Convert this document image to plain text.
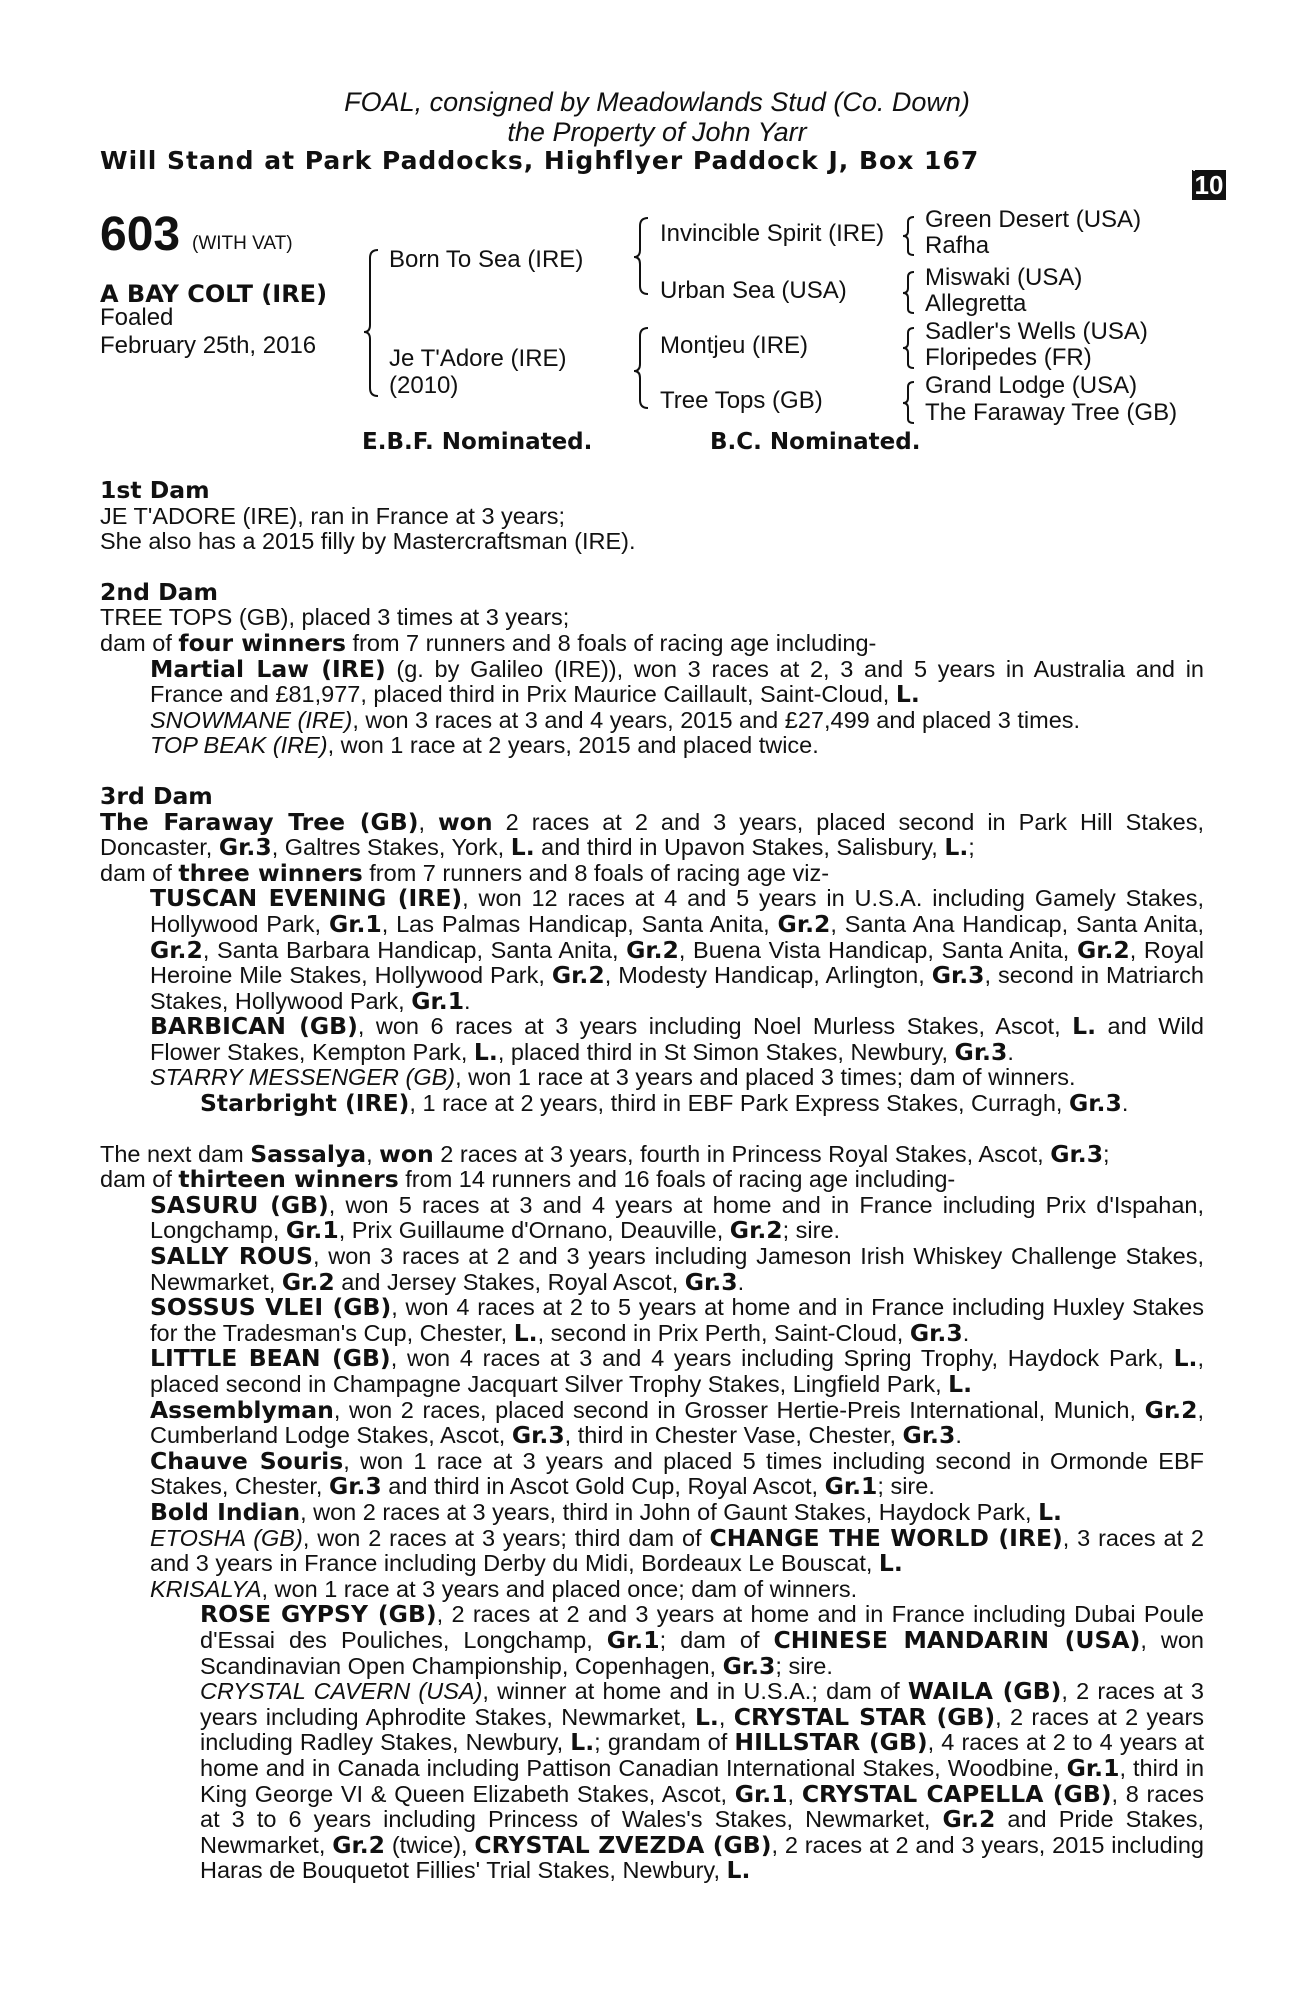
FOAL, consigned by Meadowlands Stud (Co. Down)
the Property of John Yarr
Will Stand at Park Paddocks, Highflyer Paddock J, Box 167
10
+
603 (WITH VAT)
A BAY COLT (IRE)
Foaled
February 25th, 2016
Born To Sea (IRE)
Je T'Adore (IRE)
(2010)
Invincible Spirit (IRE)
Urban Sea (USA)
Montjeu (IRE)
Tree Tops (GB)
Green Desert (USA)
Rafha
Miswaki (USA)
Allegretta
Sadler's Wells (USA)
Floripedes (FR)
Grand Lodge (USA)
The Faraway Tree (GB)
E.B.F. Nominated.	B.C. Nominated.
1st Dam
JE T'ADORE (IRE), ran in France at 3 years;
She also has a 2015 filly by Mastercraftsman (IRE).
2nd Dam
TREE TOPS (GB), placed 3 times at 3 years;
dam of four winners from 7 runners and 8 foals of racing age including-
Martial Law (IRE) (g. by Galileo (IRE)), won 3 races at 2, 3 and 5 years in Australia and in France and £81,977, placed third in Prix Maurice Caillault, Saint-Cloud, L.
SNOWMANE (IRE), won 3 races at 3 and 4 years, 2015 and £27,499 and placed 3 times.
TOP BEAK (IRE), won 1 race at 2 years, 2015 and placed twice.
3rd Dam
The Faraway Tree (GB), won 2 races at 2 and 3 years, placed second in Park Hill Stakes, Doncaster, Gr.3, Galtres Stakes, York, L. and third in Upavon Stakes, Salisbury, L.;
dam of three winners from 7 runners and 8 foals of racing age viz-
TUSCAN EVENING (IRE), won 12 races at 4 and 5 years in U.S.A. including Gamely Stakes, Hollywood Park, Gr.1, Las Palmas Handicap, Santa Anita, Gr.2, Santa Ana Handicap, Santa Anita, Gr.2, Santa Barbara Handicap, Santa Anita, Gr.2, Buena Vista Handicap, Santa Anita, Gr.2, Royal Heroine Mile Stakes, Hollywood Park, Gr.2, Modesty Handicap, Arlington, Gr.3, second in Matriarch Stakes, Hollywood Park, Gr.1.
BARBICAN (GB), won 6 races at 3 years including Noel Murless Stakes, Ascot, L. and Wild Flower Stakes, Kempton Park, L., placed third in St Simon Stakes, Newbury, Gr.3.
STARRY MESSENGER (GB), won 1 race at 3 years and placed 3 times; dam of winners.
Starbright (IRE), 1 race at 2 years, third in EBF Park Express Stakes, Curragh, Gr.3.
The next dam Sassalya, won 2 races at 3 years, fourth in Princess Royal Stakes, Ascot, Gr.3;
dam of thirteen winners from 14 runners and 16 foals of racing age including-
SASURU (GB), won 5 races at 3 and 4 years at home and in France including Prix d'Ispahan, Longchamp, Gr.1, Prix Guillaume d'Ornano, Deauville, Gr.2; sire.
SALLY ROUS, won 3 races at 2 and 3 years including Jameson Irish Whiskey Challenge Stakes, Newmarket, Gr.2 and Jersey Stakes, Royal Ascot, Gr.3.
SOSSUS VLEI (GB), won 4 races at 2 to 5 years at home and in France including Huxley Stakes for the Tradesman's Cup, Chester, L., second in Prix Perth, Saint-Cloud, Gr.3.
LITTLE BEAN (GB), won 4 races at 3 and 4 years including Spring Trophy, Haydock Park, L., placed second in Champagne Jacquart Silver Trophy Stakes, Lingfield Park, L.
Assemblyman, won 2 races, placed second in Grosser Hertie-Preis International, Munich, Gr.2, Cumberland Lodge Stakes, Ascot, Gr.3, third in Chester Vase, Chester, Gr.3.
Chauve Souris, won 1 race at 3 years and placed 5 times including second in Ormonde EBF Stakes, Chester, Gr.3 and third in Ascot Gold Cup, Royal Ascot, Gr.1; sire.
Bold Indian, won 2 races at 3 years, third in John of Gaunt Stakes, Haydock Park, L.
ETOSHA (GB), won 2 races at 3 years; third dam of CHANGE THE WORLD (IRE), 3 races at 2 and 3 years in France including Derby du Midi, Bordeaux Le Bouscat, L.
KRISALYA, won 1 race at 3 years and placed once; dam of winners.
ROSE GYPSY (GB), 2 races at 2 and 3 years at home and in France including Dubai Poule d'Essai des Pouliches, Longchamp, Gr.1; dam of CHINESE MANDARIN (USA), won Scandinavian Open Championship, Copenhagen, Gr.3; sire.
CRYSTAL CAVERN (USA), winner at home and in U.S.A.; dam of WAILA (GB), 2 races at 3 years including Aphrodite Stakes, Newmarket, L., CRYSTAL STAR (GB), 2 races at 2 years including Radley Stakes, Newbury, L.; grandam of HILLSTAR (GB), 4 races at 2 to 4 years at home and in Canada including Pattison Canadian International Stakes, Woodbine, Gr.1, third in King George VI & Queen Elizabeth Stakes, Ascot, Gr.1, CRYSTAL CAPELLA (GB), 8 races at 3 to 6 years including Princess of Wales's Stakes, Newmarket, Gr.2 and Pride Stakes, Newmarket, Gr.2 (twice), CRYSTAL ZVEZDA (GB), 2 races at 2 and 3 years, 2015 including Haras de Bouquetot Fillies' Trial Stakes, Newbury, L.
